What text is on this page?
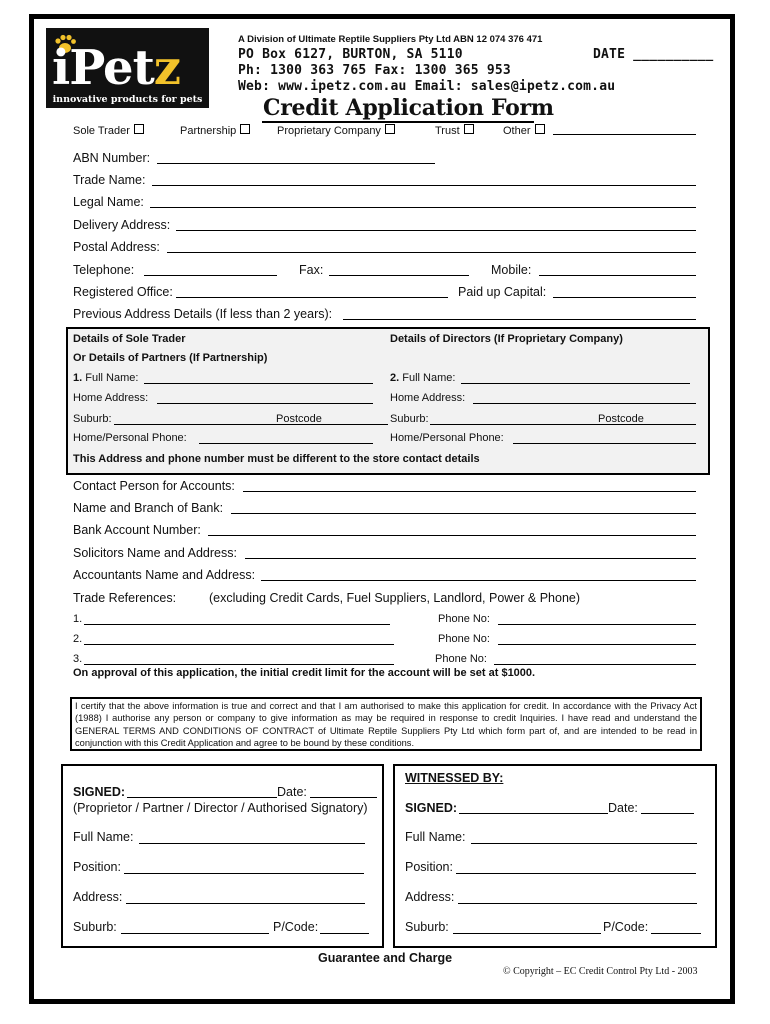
iPetz
innovative products for pets
A Division of Ultimate Reptile Suppliers Pty Ltd ABN 12 074 376 471
PO Box 6127, BURTON, SA 5110	DATE __________
Ph: 1300 363 765 Fax: 1300 365 953
Web: www.ipetz.com.au Email: sales@ipetz.com.au
Credit Application Form
Sole Trader	Partnership	Proprietary Company	Trust	Other
ABN Number:
Trade Name:
Legal Name:
Delivery Address:
Postal Address:
Telephone:	Fax:	Mobile:
Registered Office:	Paid up Capital:
Previous Address Details (If less than 2 years):
Details of Sole Trader	Details of Directors (If Proprietary Company)
Or Details of Partners (If Partnership)
1. Full Name:	2. Full Name:
Home Address:	Home Address:
Suburb:	Postcode	Suburb:	Postcode
Home/Personal Phone:	Home/Personal Phone:
This Address and phone number must be different to the store contact details
Contact Person for Accounts:
Name and Branch of Bank:
Bank Account Number:
Solicitors Name and Address:
Accountants Name and Address:
Trade References:	(excluding Credit Cards, Fuel Suppliers, Landlord, Power & Phone)
1.	Phone No:
2.	Phone No:
3.	Phone No:
On approval of this application, the initial credit limit for the account will be set at $1000.
I certify that the above information is true and correct and that I am authorised to make this application for credit. In accordance with the Privacy Act (1988) I authorise any person or company to give information as may be required in response to credit Inquiries. I have read and understand the GENERAL TERMS AND CONDITIONS OF CONTRACT of Ultimate Reptile Suppliers Pty Ltd which form part of, and are intended to be read in conjunction with this Credit Application and agree to be bound by these conditions.
SIGNED:	Date:
(Proprietor / Partner / Director / Authorised Signatory)
Full Name:
Position:
Address:
Suburb:	P/Code:
WITNESSED BY:
SIGNED:	Date:
Full Name:
Position:
Address:
Suburb:	P/Code:
Guarantee and Charge
© Copyright – EC Credit Control Pty Ltd - 2003
